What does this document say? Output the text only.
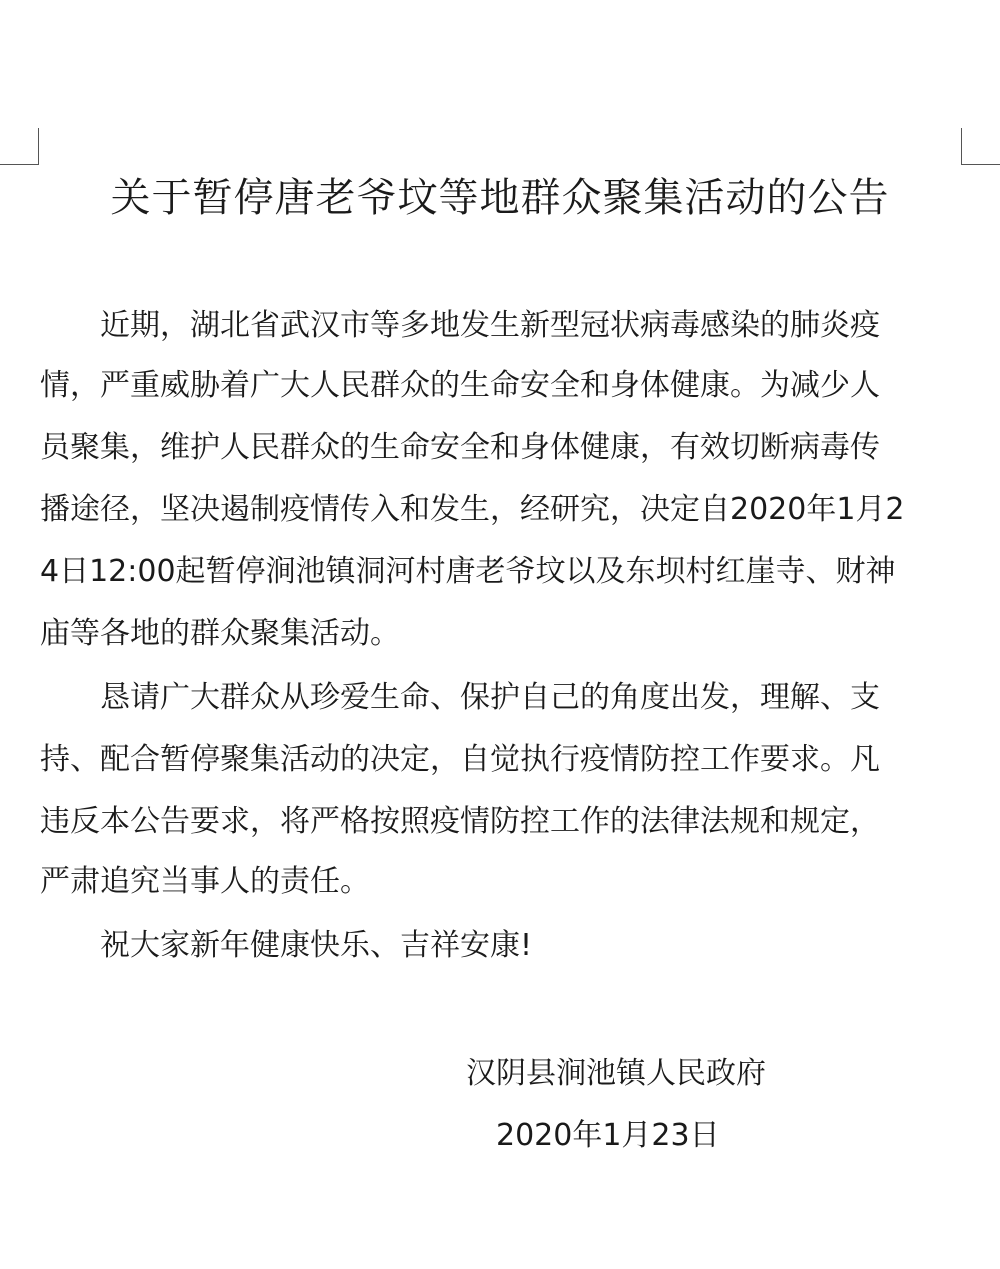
关于暂停唐老爷坟等地群众聚集活动的公告

　　近期，湖北省武汉市等多地发生新型冠状病毒感染的肺炎疫

情，严重威胁着广大人民群众的生命安全和身体健康。为减少人

员聚集，维护人民群众的生命安全和身体健康，有效切断病毒传

播途径，坚决遏制疫情传入和发生，经研究，决定自2020年1月2

4日12:00起暂停涧池镇洞河村唐老爷坟以及东坝村红崖寺、财神

庙等各地的群众聚集活动。

　　恳请广大群众从珍爱生命、保护自己的角度出发，理解、支

持、配合暂停聚集活动的决定，自觉执行疫情防控工作要求。凡

违反本公告要求，将严格按照疫情防控工作的法律法规和规定，

严肃追究当事人的责任。

　　祝大家新年健康快乐、吉祥安康!

汉阴县涧池镇人民政府

2020年1月23日
